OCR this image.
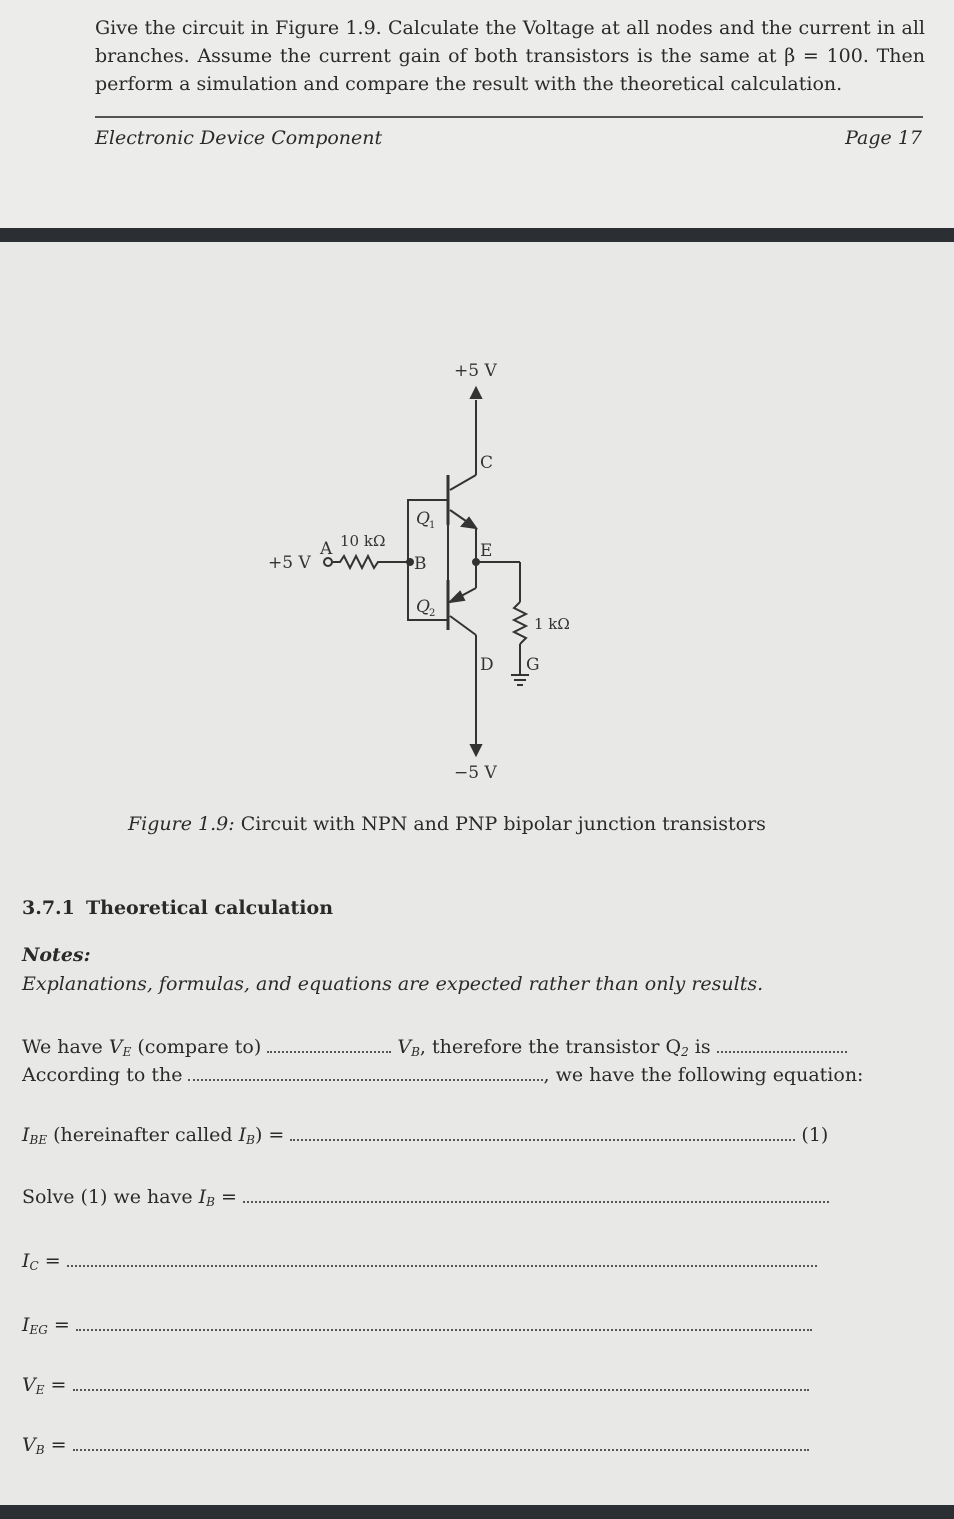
Give the circuit in Figure 1.9. Calculate the Voltage at all nodes and the current in all branches. Assume the current gain of both transistors is the same at β = 100. Then perform a simulation and compare the result with the theoretical calculation.
Electronic Device Component	Page 17
+5 V
−5 V
+5 V
A 10 kΩ
B
C
E
D G
1 kΩ
Q 1
Q 2
Figure 1.9: Circuit with NPN and PNP bipolar junction transistors
3.7.1 Theoretical calculation
Notes:
Explanations, formulas, and equations are expected rather than only results.
We have $V_E$ (compare to)	$V_B$, therefore the transistor $Q_2$ is
According to the	, we have the following equation:
$I_{BE}$ (hereinafter called $I_B$) =	(1)
Solve (1) we have $I_B$ =
$I_C$ =
$I_{EG}$ =
$V_E$ =
$V_B$ =
